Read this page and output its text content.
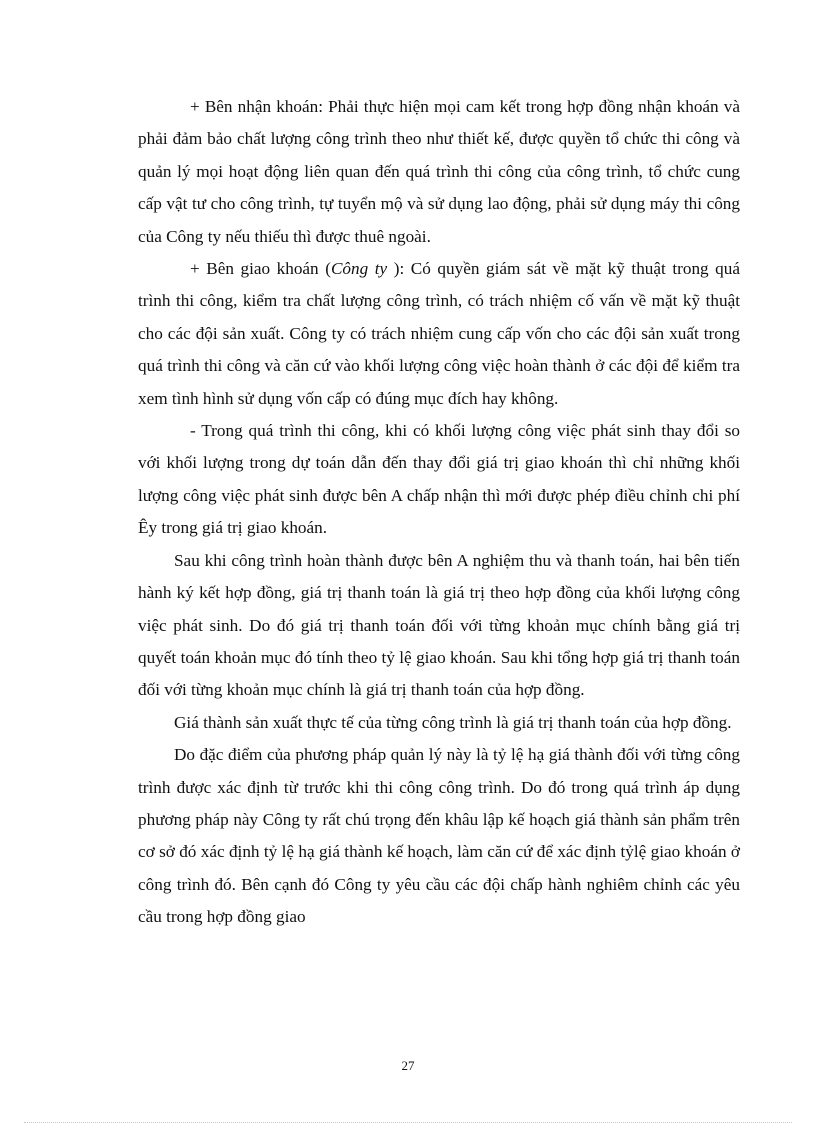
+ Bên nhận khoán: Phải thực hiện mọi cam kết trong hợp đồng nhận khoán và phải đảm bảo chất lượng công trình theo như thiết kế, được quyền tổ chức thi công và quản lý mọi hoạt động liên quan đến quá trình thi công của công trình, tổ chức cung cấp vật tư cho công trình, tự tuyển mộ và sử dụng lao động, phải sử dụng máy thi công của Công ty nếu thiếu thì được thuê ngoài.

+ Bên giao khoán (Công ty ): Có quyền giám sát về mặt kỹ thuật trong quá trình thi công, kiểm tra chất lượng công trình, có trách nhiệm cố vấn về mặt kỹ thuật cho các đội sản xuất. Công ty có trách nhiệm cung cấp vốn cho các đội sản xuất trong quá trình thi công và căn cứ vào khối lượng công việc hoàn thành ở các đội để kiểm tra xem tình hình sử dụng vốn cấp có đúng mục đích hay không.

- Trong quá trình thi công, khi có khối lượng công việc phát sinh thay đổi so với khối lượng trong dự toán dẫn đến thay đổi giá trị giao khoán thì chỉ những khối lượng công việc phát sinh được bên A chấp nhận thì mới được phép điều chỉnh chi phí Êy trong giá trị giao khoán.

Sau khi công trình hoàn thành được bên A nghiệm thu và thanh toán, hai bên tiến hành ký kết hợp đồng, giá trị thanh toán là giá trị theo hợp đồng của khối lượng công việc phát sinh. Do đó giá trị thanh toán đối với từng khoản mục chính bằng giá trị quyết toán khoản mục đó tính theo tỷ lệ giao khoán. Sau khi tổng hợp giá trị thanh toán đối với từng khoản mục chính là giá trị thanh toán của hợp đồng.

Giá thành sản xuất thực tế của từng công trình là giá trị thanh toán của hợp đồng.

Do đặc điểm của phương pháp quản lý này là tỷ lệ hạ giá thành đối với từng công trình được xác định từ trước khi thi công công trình. Do đó trong quá trình áp dụng phương pháp này Công ty rất chú trọng đến khâu lập kế hoạch giá thành sản phẩm trên cơ sở đó xác định tỷ lệ hạ giá thành kế hoạch, làm căn cứ để xác định tỷlệ giao khoán ở công trình đó. Bên cạnh đó Công ty yêu cầu các đội chấp hành nghiêm chỉnh các yêu cầu trong hợp đồng giao

27
